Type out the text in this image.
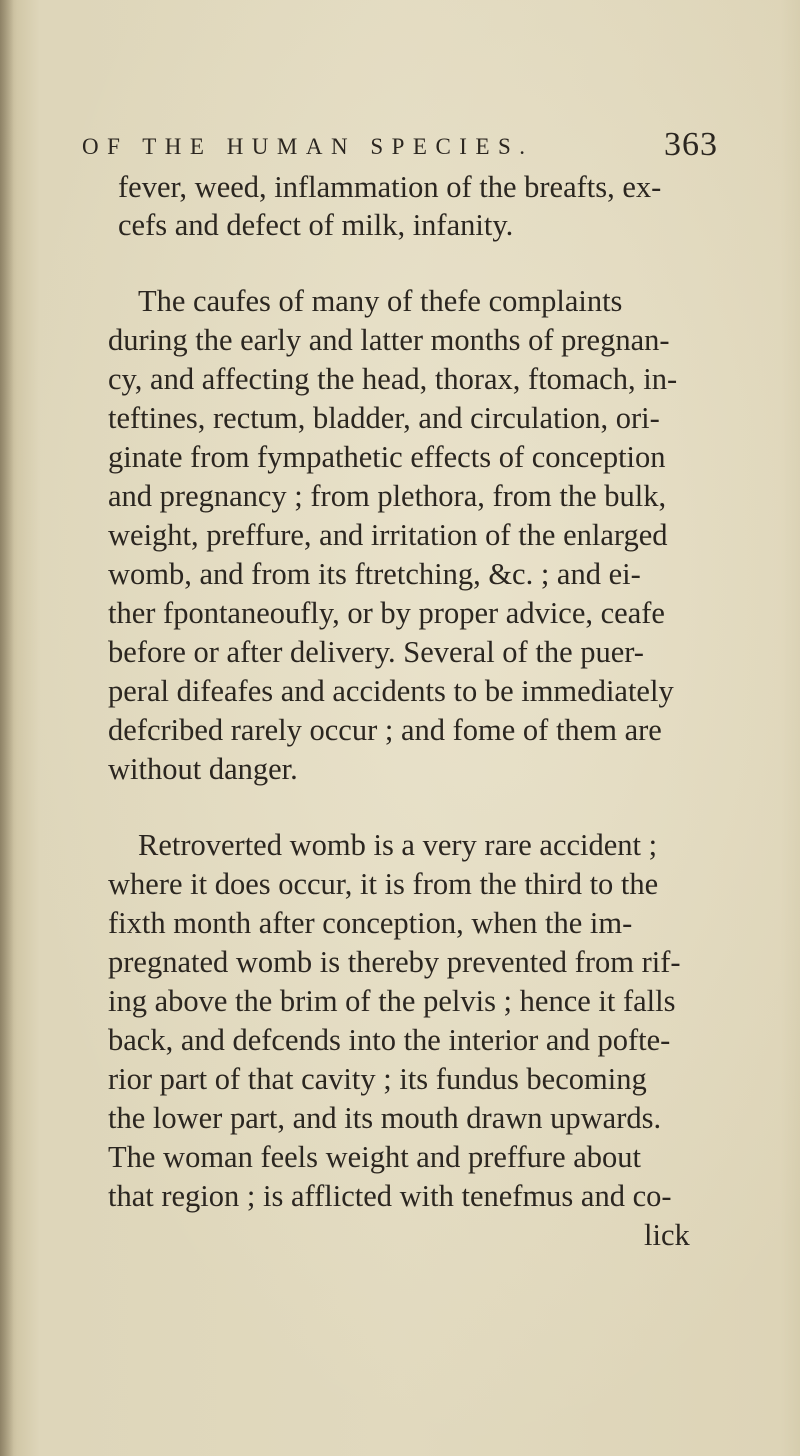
OF THE HUMAN SPECIES.	363
fever, weed, inflammation of the breafts, ex-
cefs and defect of milk, infanity.
The caufes of many of thefe complaints
during the early and latter months of pregnan-
cy, and affecting the head, thorax, ftomach, in-
teftines, rectum, bladder, and circulation, ori-
ginate from fympathetic effects of conception
and pregnancy ; from plethora, from the bulk,
weight, preffure, and irritation of the enlarged
womb, and from its ftretching, &c. ; and ei-
ther fpontaneoufly, or by proper advice, ceafe
before or after delivery. Several of the puer-
peral difeafes and accidents to be immediately
defcribed rarely occur ; and fome of them are
without danger.
Retroverted womb is a very rare accident ;
where it does occur, it is from the third to the
fixth month after conception, when the im-
pregnated womb is thereby prevented from rif-
ing above the brim of the pelvis ; hence it falls
back, and defcends into the interior and pofte-
rior part of that cavity ; its fundus becoming
the lower part, and its mouth drawn upwards.
The woman feels weight and preffure about
that region ; is afflicted with tenefmus and co-
lick
